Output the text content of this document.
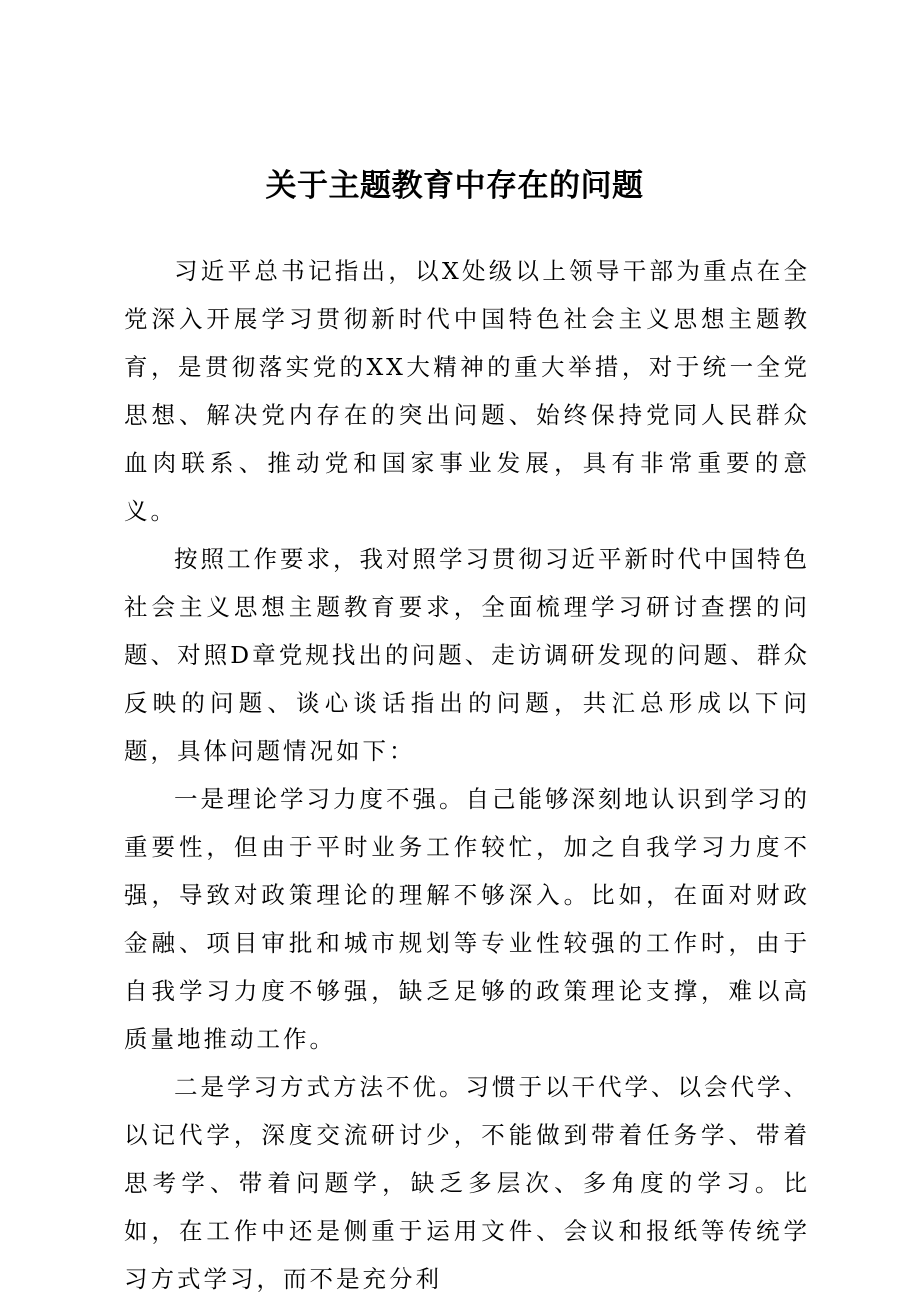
关于主题教育中存在的问题

习近平总书记指出，以X处级以上领导干部为重点在全党深入开展学习贯彻新时代中国特色社会主义思想主题教育，是贯彻落实党的XX大精神的重大举措，对于统一全党思想、解决党内存在的突出问题、始终保持党同人民群众血肉联系、推动党和国家事业发展，具有非常重要的意义。

按照工作要求，我对照学习贯彻习近平新时代中国特色社会主义思想主题教育要求，全面梳理学习研讨查摆的问题、对照D章党规找出的问题、走访调研发现的问题、群众反映的问题、谈心谈话指出的问题，共汇总形成以下问题，具体问题情况如下：

一是理论学习力度不强。自己能够深刻地认识到学习的重要性，但由于平时业务工作较忙，加之自我学习力度不强，导致对政策理论的理解不够深入。比如，在面对财政金融、项目审批和城市规划等专业性较强的工作时，由于自我学习力度不够强，缺乏足够的政策理论支撑，难以高质量地推动工作。

二是学习方式方法不优。习惯于以干代学、以会代学、以记代学，深度交流研讨少，不能做到带着任务学、带着思考学、带着问题学，缺乏多层次、多角度的学习。比如，在工作中还是侧重于运用文件、会议和报纸等传统学习方式学习，而不是充分利
